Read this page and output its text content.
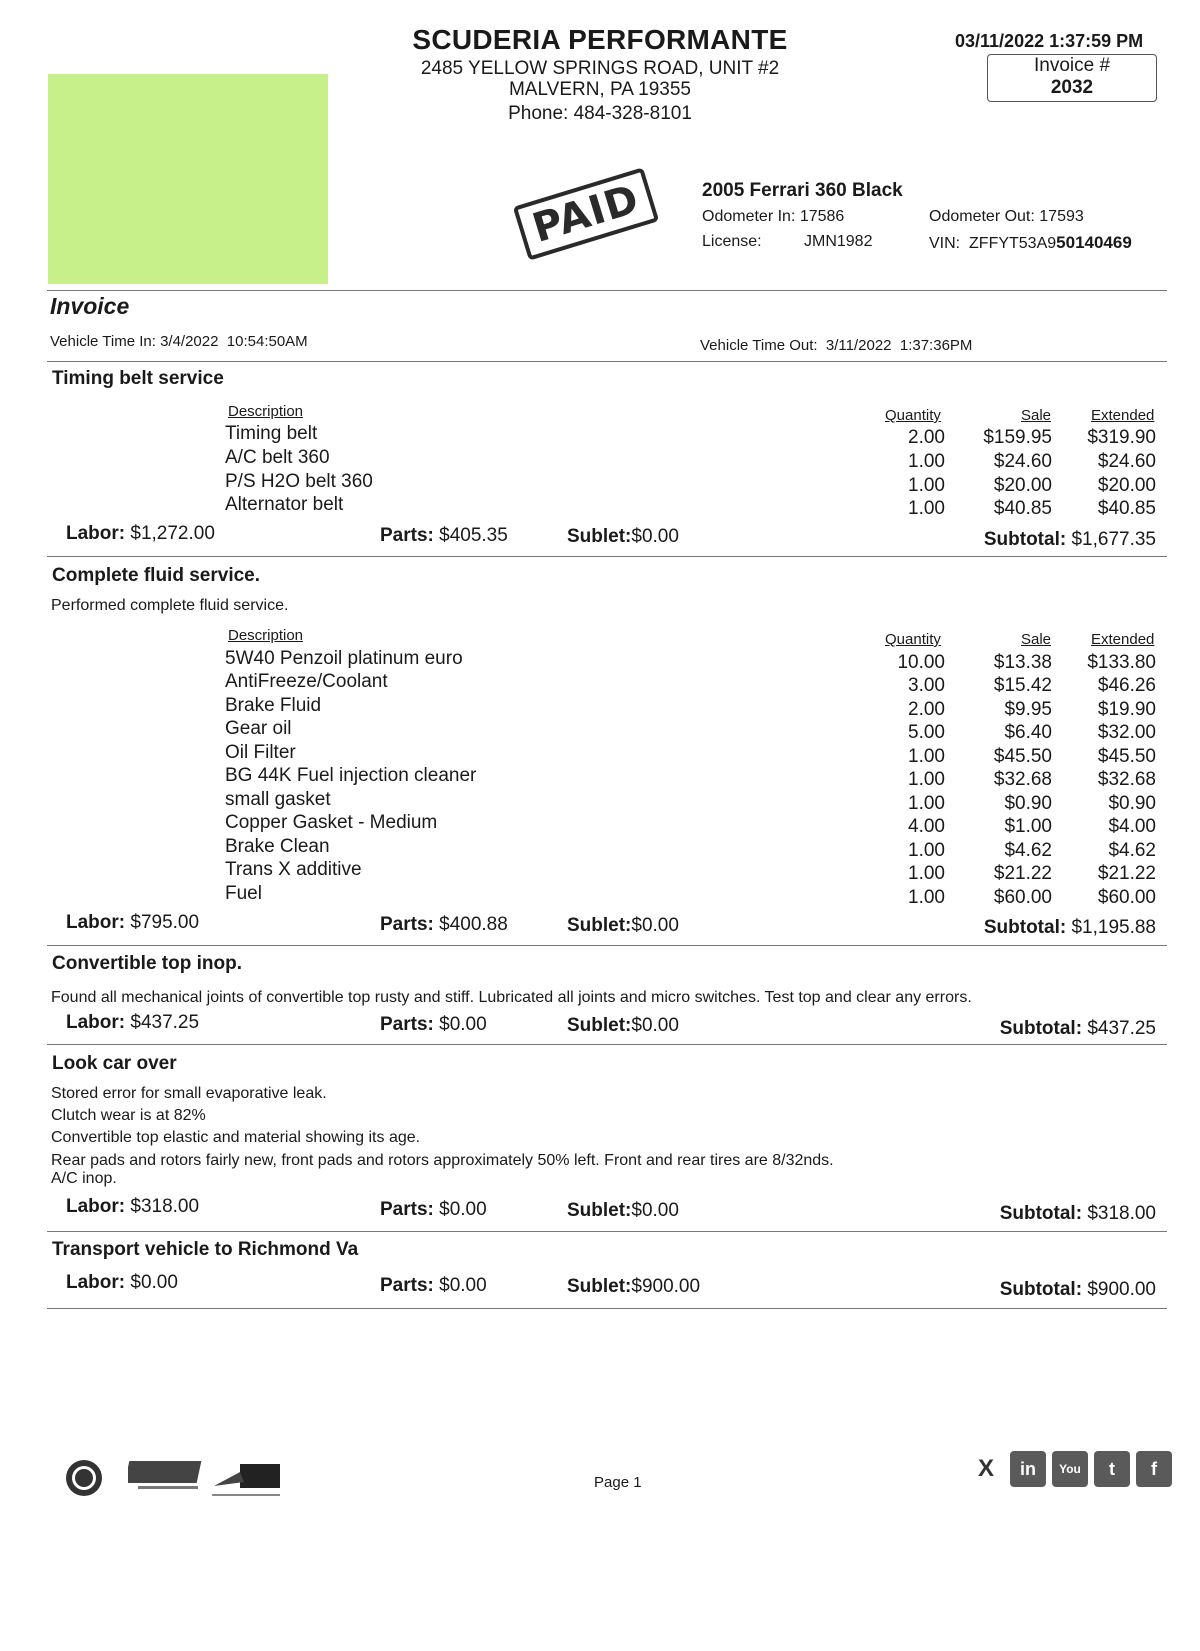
SCUDERIA PERFORMANTE
2485 YELLOW SPRINGS ROAD, UNIT #2
MALVERN, PA 19355
Phone: 484-328-8101
03/11/2022 1:37:59 PM
Invoice #
2032
PAID	2005 Ferrari 360 Black
Odometer In: 17586	Odometer Out: 17593
License:	JMN1982	VIN: ZFFYT53A950140469
Invoice
Vehicle Time In: 3/4/2022  10:54:50AM	Vehicle Time Out: 3/11/2022  1:37:36PM
Timing belt service
Description	Quantity	Sale	Extended
Timing belt	2.00 $159.95 $319.90
A/C belt 360	1.00	$24.60 $24.60
P/S H2O belt 360	1.00	$20.00 $20.00
Alternator belt	1.00	$40.85 $40.85
Labor: $1,272.00	Parts: $405.35	Sublet:$0.00	Subtotal: $1,677.35
Complete fluid service.
Performed complete fluid service.
Description	Quantity	Sale	Extended
5W40 Penzoil platinum euro	10.00	$13.38 $133.80
AntiFreeze/Coolant	3.00	$15.42 $46.26
Brake Fluid	2.00	$9.95 $19.90
Gear oil	5.00	$6.40 $32.00
Oil Filter	1.00	$45.50 $45.50
BG 44K Fuel injection cleaner	1.00	$32.68 $32.68
small gasket	1.00	$0.90	$0.90
Copper Gasket - Medium	4.00	$1.00	$4.00
Brake Clean	1.00	$4.62	$4.62
Trans X additive	1.00	$21.22 $21.22
Fuel	1.00	$60.00 $60.00
Labor: $795.00	Parts: $400.88	Sublet:$0.00	Subtotal: $1,195.88
Convertible top inop.
Found all mechanical joints of convertible top rusty and stiff. Lubricated all joints and micro switches. Test top and clear any errors.
Labor: $437.25	Parts: $0.00	Sublet:$0.00	Subtotal: $437.25
Look car over
Stored error for small evaporative leak.
Clutch wear is at 82%
Convertible top elastic and material showing its age.
Rear pads and rotors fairly new, front pads and rotors approximately 50% left. Front and rear tires are 8/32nds.
A/C inop.
Labor: $318.00	Parts: $0.00	Sublet:$0.00	Subtotal: $318.00
Transport vehicle to Richmond Va
Labor: $0.00	Parts: $0.00	Sublet:$900.00	Subtotal: $900.00
Page 1
X	in	You	t	f
